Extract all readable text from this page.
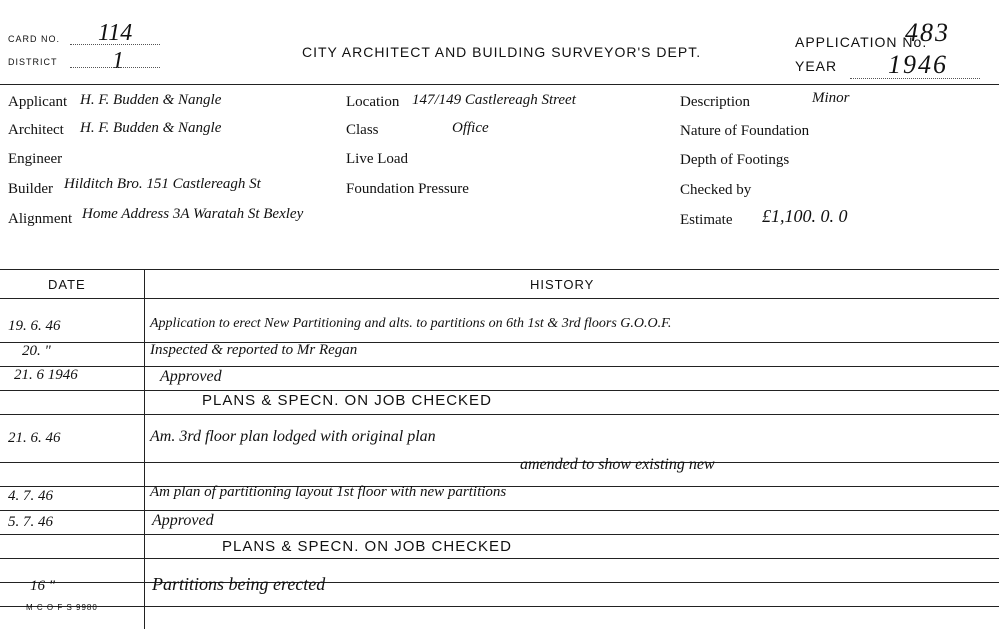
CARD NO. 114
DISTRICT 1	CITY ARCHITECT AND BUILDING SURVEYOR'S DEPT.
APPLICATION No.
483
YEAR 1946
Applicant H. F. Budden & Nangle
Architect H. F. Budden & Nangle
Engineer
Builder Hilditch Bro. 151 Castlereagh St
Alignment Home Address 3A Waratah St Bexley
Location 147/149 Castlereagh Street
Class	Office
Live Load
Foundation Pressure
Description	Minor
Nature of Foundation
Depth of Footings
Checked by
Estimate £1,100. 0. 0
DATE	HISTORY
19. 6. 46	Application to erect New Partitioning and alts. to partitions on 6th 1st & 3rd floors G.O.O.F.
20. "	Inspected & reported to Mr Regan
21. 6 1946	Approved
PLANS & SPECN. ON JOB CHECKED
21. 6. 46	Am. 3rd floor plan lodged with original plan
amended to show existing new
4. 7. 46	Am plan of partitioning layout 1st floor with new partitions
5. 7. 46	Approved
PLANS & SPECN. ON JOB CHECKED
16 "	Partitions being erected
M C O F S 9980
